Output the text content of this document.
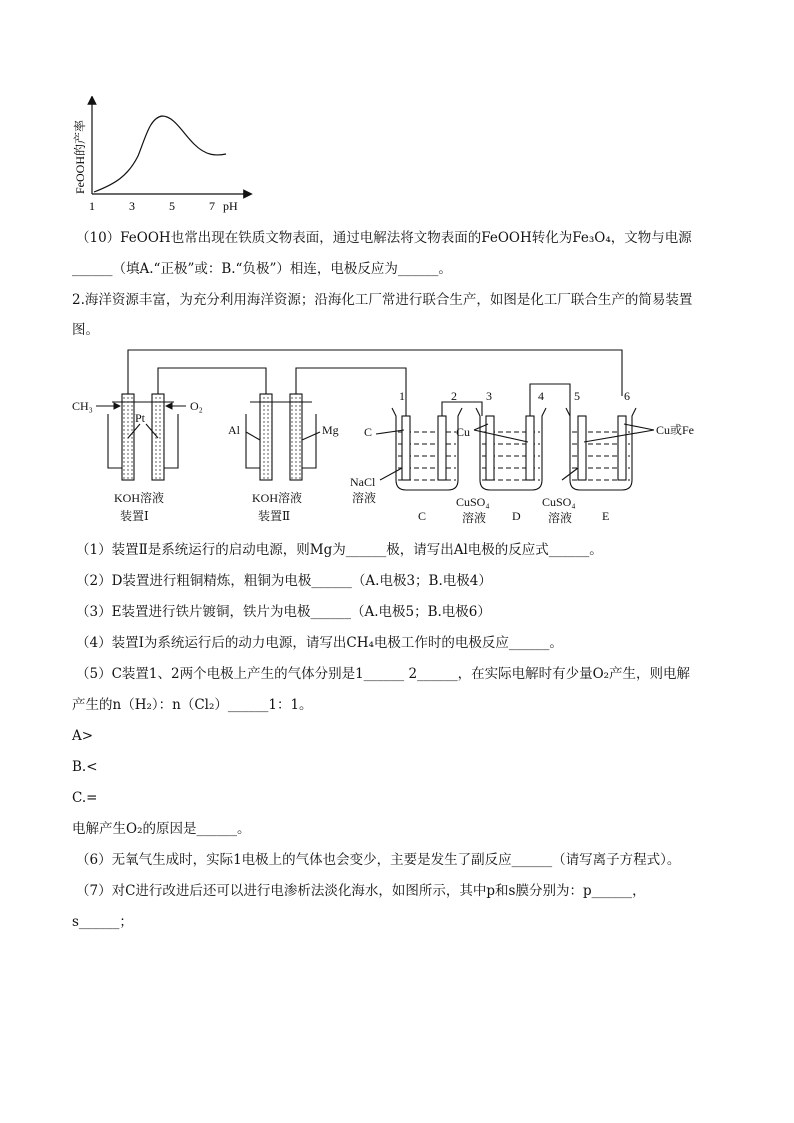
FeOOH的产率
1	3	5	7 pH
（10）FeOOH也常出现在铁质文物表面，通过电解法将文物表面的FeOOH转化为Fe₃O₄，文物与电源
______（填A.“正极”或：B.“负极”）相连，电极反应为______。
2.海洋资源丰富，为充分利用海洋资源；沿海化工厂常进行联合生产，如图是化工厂联合生产的简易装置
图。
CH₃	O₂
Pt
KOH溶液
装置Ⅰ
Al	Mg
KOH溶液
装置Ⅱ
1	2 3	4	5	6
C	Cu	Cu或Fe
NaCl
溶液	CuSO₄
溶液
CuSO₄
溶液
C	D	E
（1）装置Ⅱ是系统运行的启动电源，则Mg为______极，请写出Al电极的反应式______。
（2）D装置进行粗铜精炼，粗铜为电极______（A.电极3；B.电极4）
（3）E装置进行铁片镀铜，铁片为电极______（A.电极5；B.电极6）
（4）装置Ⅰ为系统运行后的动力电源，请写出CH₄电极工作时的电极反应______。
（5）C装置1、2两个电极上产生的气体分别是1______ 2______，在实际电解时有少量O₂产生，则电解
产生的n（H₂）：n（Cl₂）______1：1。
A>
B.<
C.=
电解产生O₂的原因是______。
（6）无氧气生成时，实际1电极上的气体也会变少，主要是发生了副反应______（请写离子方程式）。
（7）对C进行改进后还可以进行电渗析法淡化海水，如图所示，其中p和s膜分别为：p______，
s______；
